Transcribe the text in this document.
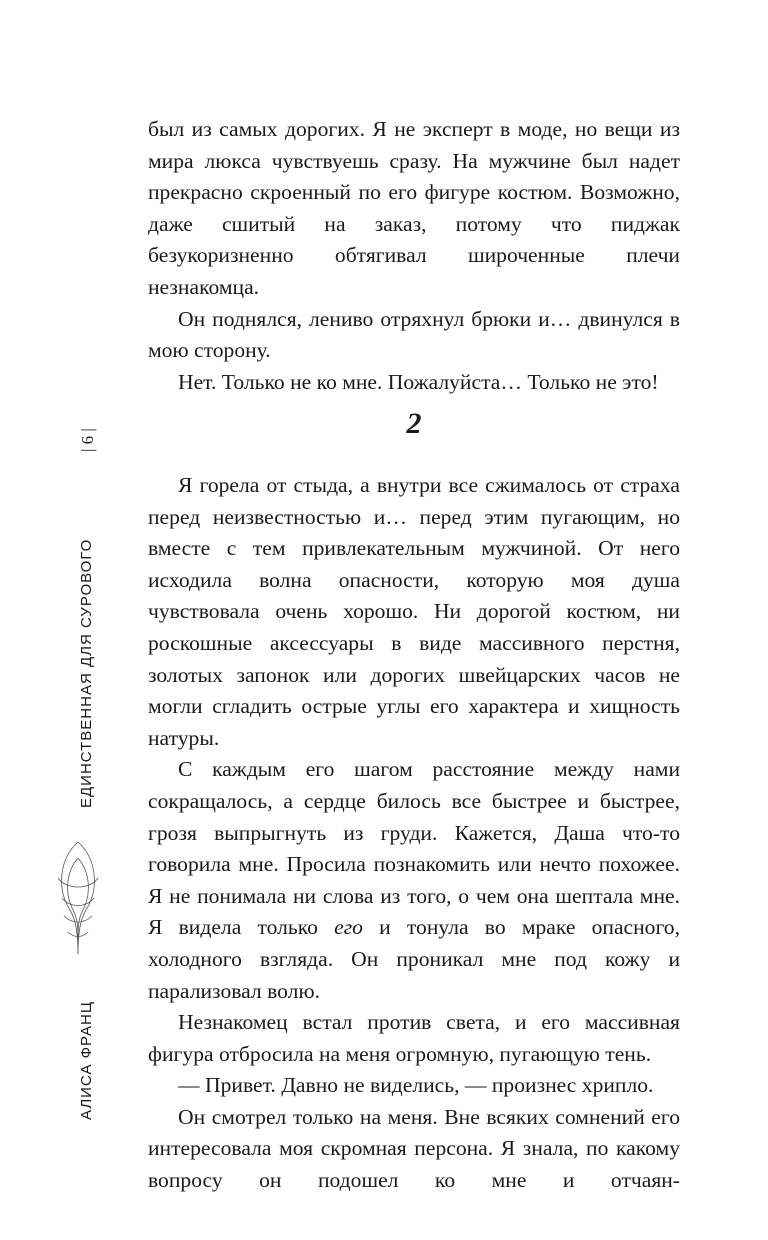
| 6 |
ЕДИНСТВЕННАЯ ДЛЯ СУРОВОГО
АЛИСА ФРАНЦ

был из самых дорогих. Я не эксперт в моде, но вещи из мира люкса чувствуешь сразу. На мужчине был надет прекрасно скроенный по его фигуре костюм. Возможно, даже сшитый на заказ, потому что пиджак безукоризненно обтягивал широченные плечи незнакомца.

Он поднялся, лениво отряхнул брюки и… двинулся в мою сторону.

Нет. Только не ко мне. Пожалуйста… Только не это!

2

Я горела от стыда, а внутри все сжималось от страха перед неизвестностью и… перед этим пугающим, но вместе с тем привлекательным мужчиной. От него исходила волна опасности, которую моя душа чувствовала очень хорошо. Ни дорогой костюм, ни роскошные аксессуары в виде массивного перстня, золотых запонок или дорогих швейцарских часов не могли сгладить острые углы его характера и хищность натуры.

С каждым его шагом расстояние между нами сокращалось, а сердце билось все быстрее и быстрее, грозя выпрыгнуть из груди. Кажется, Даша что-то говорила мне. Просила познакомить или нечто похожее. Я не понимала ни слова из того, о чем она шептала мне. Я видела только его и тонула во мраке опасного, холодного взгляда. Он проникал мне под кожу и парализовал волю.

Незнакомец встал против света, и его массивная фигура отбросила на меня огромную, пугающую тень.

— Привет. Давно не виделись, — произнес хрипло.

Он смотрел только на меня. Вне всяких сомнений его интересовала моя скромная персона. Я знала, по какому вопросу он подошел ко мне и отчаян-
